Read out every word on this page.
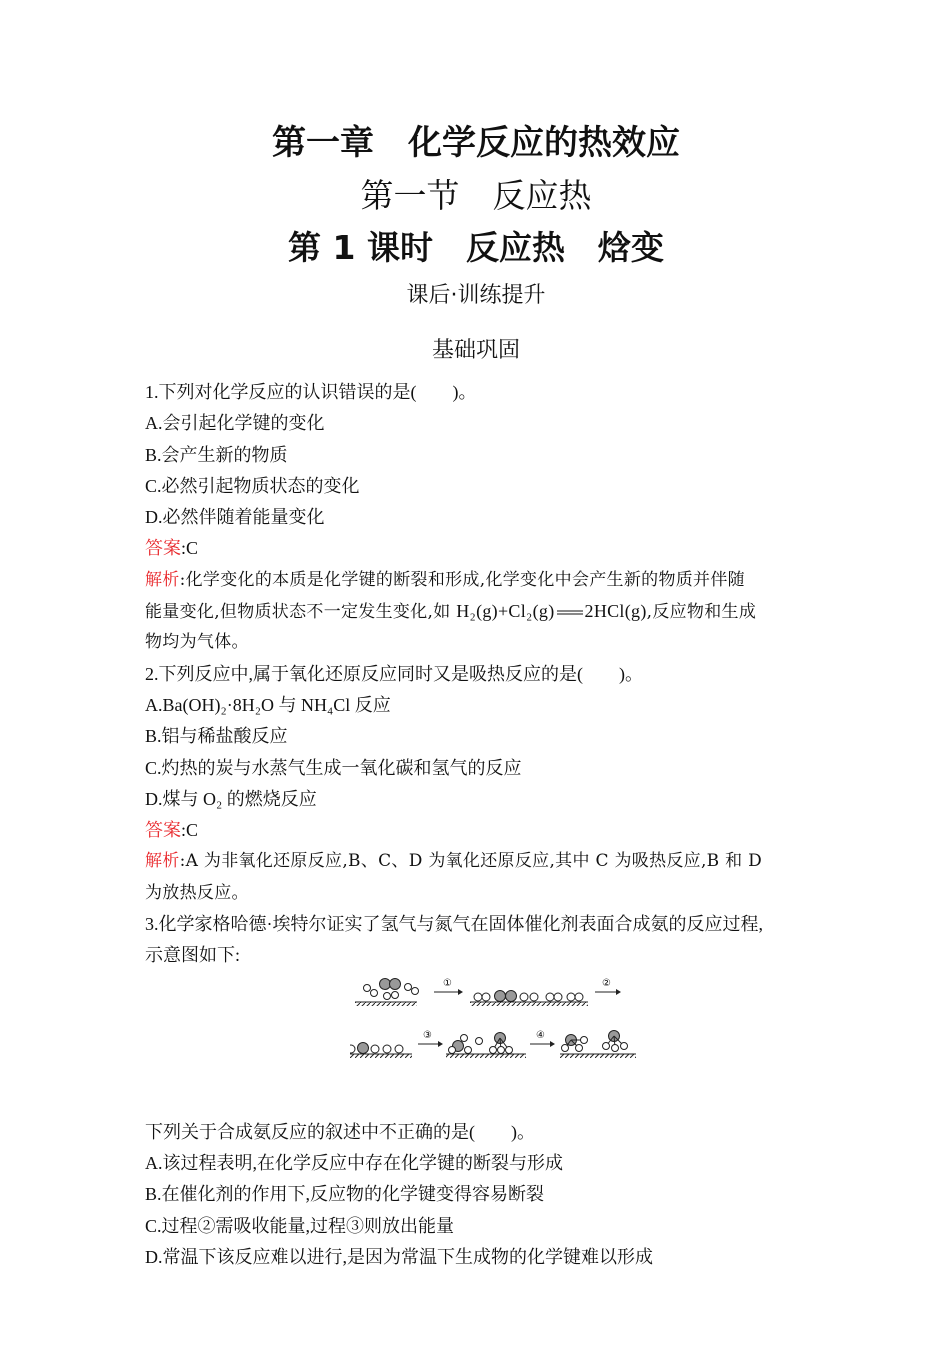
第一章　化学反应的热效应
第一节　反应热
第 1 课时　反应热　焓变
课后·训练提升
基础巩固
1.下列对化学反应的认识错误的是(　　)。
A.会引起化学键的变化
B.会产生新的物质
C.必然引起物质状态的变化
D.必然伴随着能量变化
答案:C
解析:化学变化的本质是化学键的断裂和形成,化学变化中会产生新的物质并伴随
能量变化,但物质状态不一定发生变化,如 H₂(g)+Cl₂(g) 2HCl(g),反应物和生成
物均为气体。
2.下列反应中,属于氧化还原反应同时又是吸热反应的是(　　)。
A.Ba(OH)₂·8H₂O 与 NH₄Cl 反应
B.铝与稀盐酸反应
C.灼热的炭与水蒸气生成一氧化碳和氢气的反应
D.煤与 O₂ 的燃烧反应
答案:C
解析:A 为非氧化还原反应,B、C、D 为氧化还原反应,其中 C 为吸热反应,B 和 D
为放热反应。
3.化学家格哈德·埃特尔证实了氢气与氮气在固体催化剂表面合成氨的反应过程,
示意图如下:
①	②
③	④
下列关于合成氨反应的叙述中不正确的是(　　)。
A.该过程表明,在化学反应中存在化学键的断裂与形成
B.在催化剂的作用下,反应物的化学键变得容易断裂
C.过程②需吸收能量,过程③则放出能量
D.常温下该反应难以进行,是因为常温下生成物的化学键难以形成
